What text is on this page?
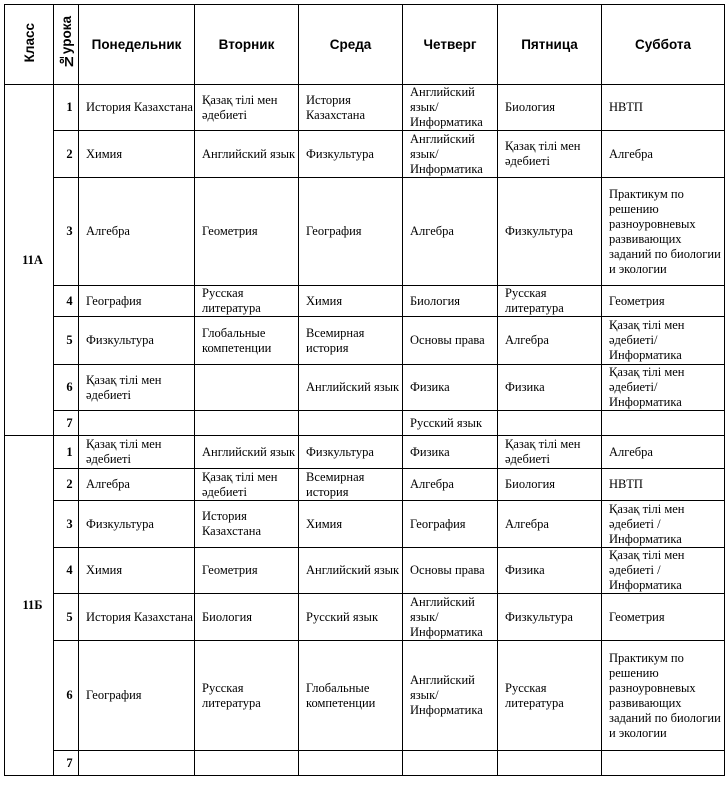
Класс	№урока	Понедельник	Вторник	Среда	Четверг	Пятница	Суббота
11А	1	История Казахстана	Қазақ тілі мен әдебиеті	История Казахстана	Английский язык/ Информатика	Биология	НВТП
	2	Химия	Английский язык	Физкультура	Английский язык/ Информатика	Қазақ тілі мен әдебиеті	Алгебра
	3	Алгебра	Геометрия	География	Алгебра	Физкультура	Практикум по решению разноуровневых развивающих заданий по биологии и экологии
	4	География	Русская литература	Химия	Биология	Русская литература	Геометрия
	5	Физкультура	Глобальные компетенции	Всемирная история	Основы права	Алгебра	Қазақ тілі мен әдебиеті/ Информатика
	6	Қазақ тілі мен әдебиеті		Английский язык	Физика	Физика	Қазақ тілі мен әдебиеті/ Информатика
	7				Русский язык		
11Б	1	Қазақ тілі мен әдебиеті	Английский язык	Физкультура	Физика	Қазақ тілі мен әдебиеті	Алгебра
	2	Алгебра	Қазақ тілі мен әдебиеті	Всемирная история	Алгебра	Биология	НВТП
	3	Физкультура	История Казахстана	Химия	География	Алгебра	Қазақ тілі мен әдебиеті / Информатика
	4	Химия	Геометрия	Английский язык	Основы права	Физика	Қазақ тілі мен әдебиеті / Информатика
	5	История Казахстана	Биология	Русский язык	Английский язык/ Информатика	Физкультура	Геометрия
	6	География	Русская литература	Глобальные компетенции	Английский язык/ Информатика	Русская литература	Практикум по решению разноуровневых развивающих заданий по биологии и экологии
	7						
